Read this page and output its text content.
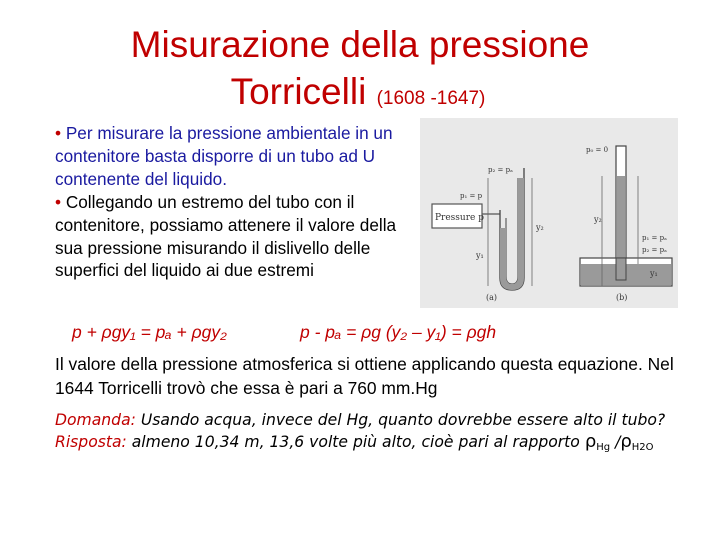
Misurazione della pressione
Torricelli (1608 -1647)
• Per misurare la pressione ambientale in un contenitore basta disporre di un tubo ad U contenente del liquido.
• Collegando un estremo del tubo con il contenitore, possiamo attenere il valore della sua pressione misurando il dislivello delle superfici del liquido ai due estremi
Pressure p
y₂
y₁
p₂ = pₐ
p₁ = p
(a)
p₀ = 0
y₂
y₁
p₁ = pₐ
p₂ = pₐ
(b)
p + ρgy₁ = pₐ + ρgy₂	p - pₐ = ρg (y₂ – y₁) = ρgh
Il valore della pressione atmosferica si ottiene applicando questa equazione. Nel 1644 Torricelli trovò che essa è pari a 760 mm.Hg
Domanda: Usando acqua, invece del Hg, quanto dovrebbe essere alto il tubo?
Risposta: almeno 10,34 m, 13,6 volte più alto, cioè pari al rapporto $\rho_{Hg}$ $/\rho_{H2O}$
